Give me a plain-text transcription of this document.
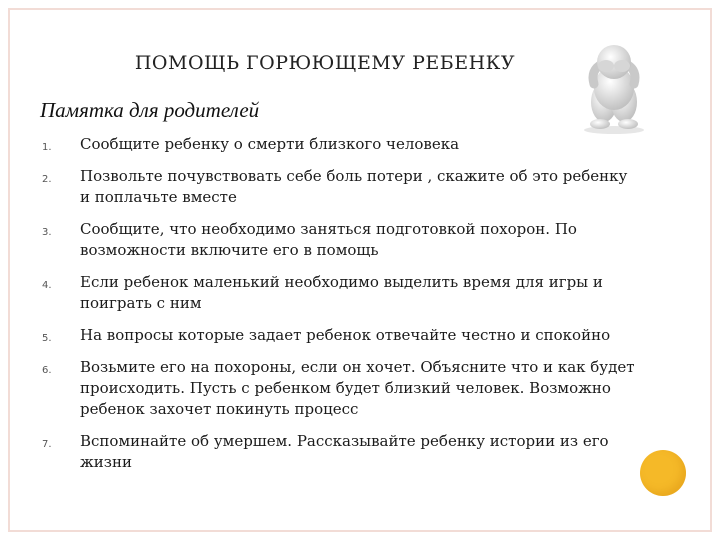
ПОМОЩЬ ГОРЮЮЩЕМУ РЕБЕНКУ
Памятка для родителей
1. Сообщите ребенку о смерти близкого человека
2. Позвольте почувствовать себе боль потери , скажите об это ребенку и поплачьте вместе
3. Сообщите, что необходимо заняться подготовкой похорон. По возможности включите его в помощь
4. Если ребенок маленький необходимо выделить время для игры и поиграть с ним
5. На вопросы которые задает ребенок отвечайте честно и спокойно
6. Возьмите его на похороны, если он хочет. Объясните что и как будет происходить. Пусть с ребенком будет близкий человек. Возможно ребенок захочет покинуть процесс
7. Вспоминайте об умершем. Рассказывайте ребенку истории из его жизни
